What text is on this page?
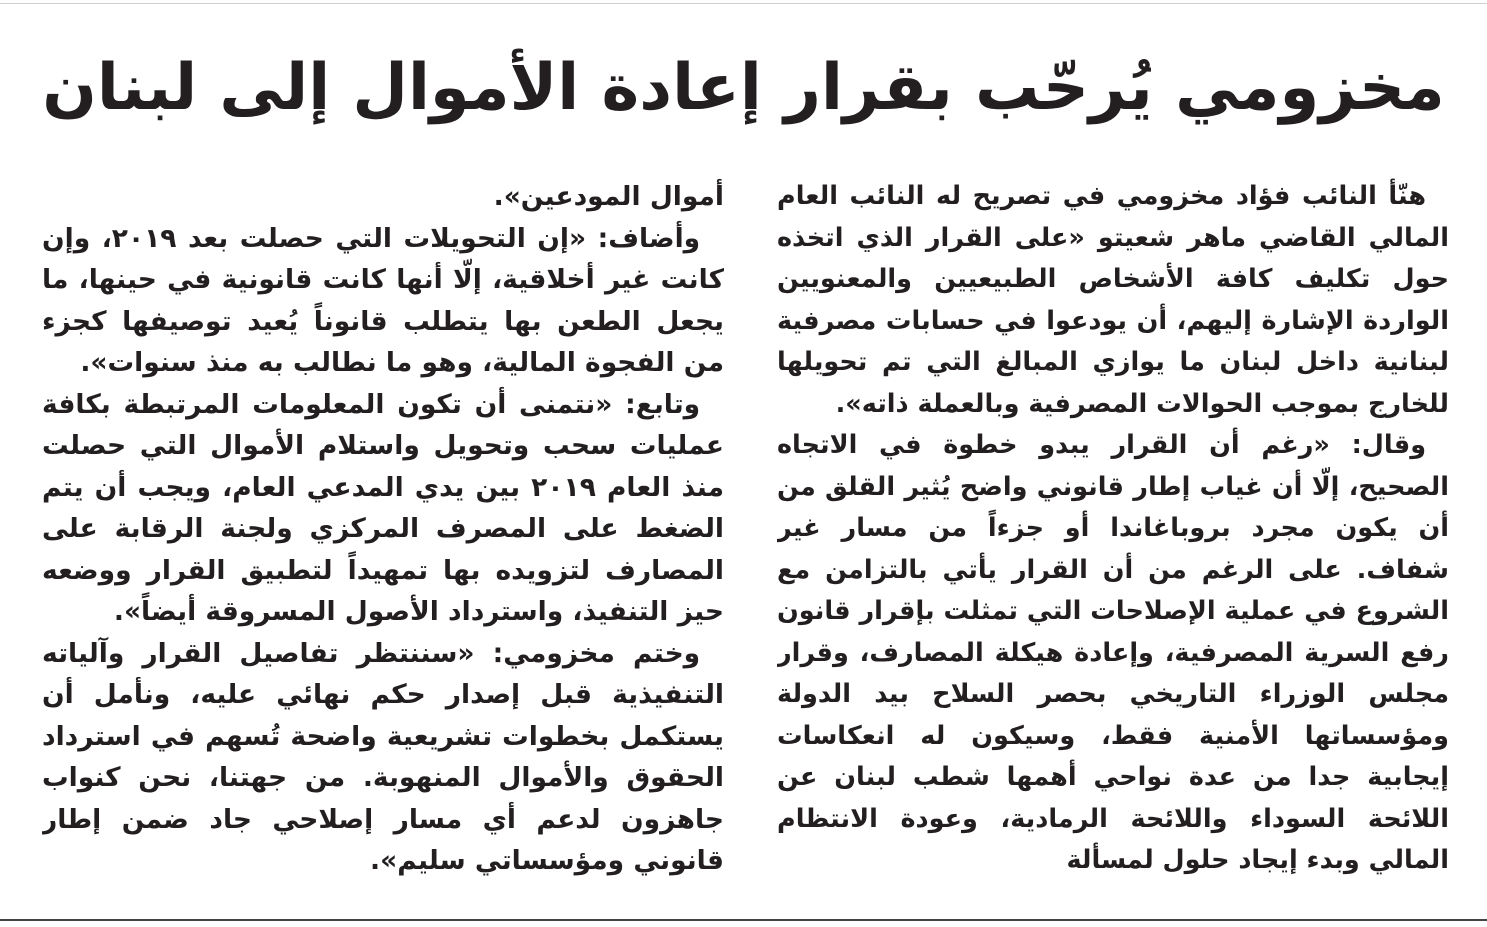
مخزومي يُرحّب بقرار إعادة الأموال إلى لبنان

هنّأ النائب فؤاد مخزومي في تصريح له النائب العام المالي القاضي ماهر شعيتو «على القرار الذي اتخذه حول تكليف كافة الأشخاص الطبيعيين والمعنويين الواردة الإشارة إليهم، أن يودعوا في حسابات مصرفية لبنانية داخل لبنان ما يوازي المبالغ التي تم تحويلها للخارج بموجب الحوالات المصرفية وبالعملة ذاته».

وقال: «رغم أن القرار يبدو خطوة في الاتجاه الصحيح، إلّا أن غياب إطار قانوني واضح يُثير القلق من أن يكون مجرد بروباغاندا أو جزءاً من مسار غير شفاف. على الرغم من أن القرار يأتي بالتزامن مع الشروع في عملية الإصلاحات التي تمثلت بإقرار قانون رفع السرية المصرفية، وإعادة هيكلة المصارف، وقرار مجلس الوزراء التاريخي بحصر السلاح بيد الدولة ومؤسساتها الأمنية فقط، وسيكون له انعكاسات إيجابية جدا من عدة نواحي أهمها شطب لبنان عن اللائحة السوداء واللائحة الرمادية، وعودة الانتظام المالي وبدء إيجاد حلول لمسألة

أموال المودعين».

وأضاف: «إن التحويلات التي حصلت بعد ٢٠١٩، وإن كانت غير أخلاقية، إلّا أنها كانت قانونية في حينها، ما يجعل الطعن بها يتطلب قانوناً يُعيد توصيفها كجزء من الفجوة المالية، وهو ما نطالب به منذ سنوات».

وتابع: «نتمنى أن تكون المعلومات المرتبطة بكافة عمليات سحب وتحويل واستلام الأموال التي حصلت منذ العام ٢٠١٩ بين يدي المدعي العام، ويجب أن يتم الضغط على المصرف المركزي ولجنة الرقابة على المصارف لتزويده بها تمهيداً لتطبيق القرار ووضعه حيز التنفيذ، واسترداد الأصول المسروقة أيضاً».

وختم مخزومي: «سننتظر تفاصيل القرار وآلياته التنفيذية قبل إصدار حكم نهائي عليه، ونأمل أن يستكمل بخطوات تشريعية واضحة تُسهم في استرداد الحقوق والأموال المنهوبة. من جهتنا، نحن كنواب جاهزون لدعم أي مسار إصلاحي جاد ضمن إطار قانوني ومؤسساتي سليم».
